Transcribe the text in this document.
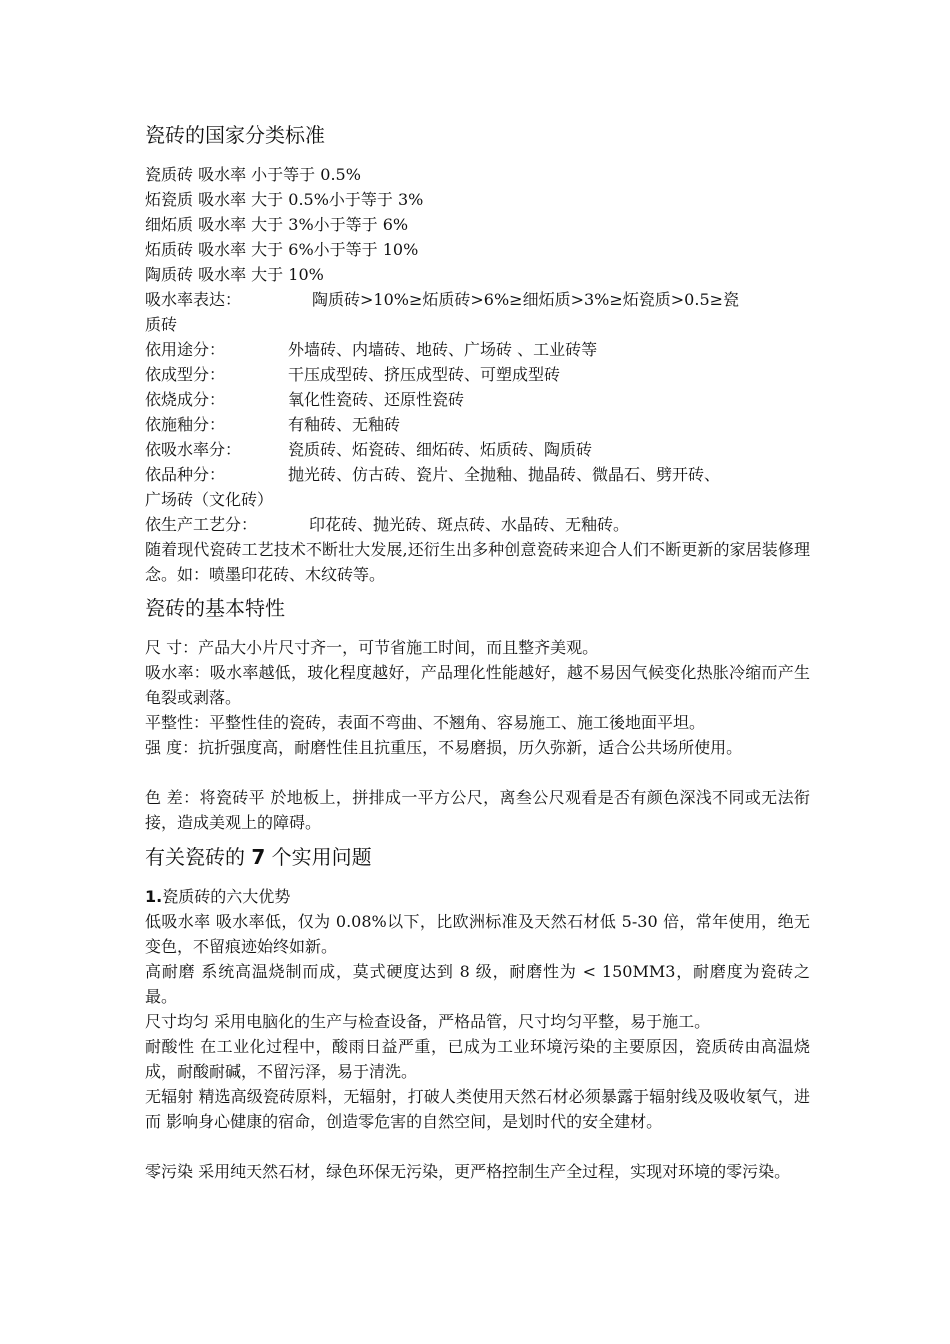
瓷砖的国家分类标准
瓷质砖 吸水率 小于等于 0.5%
炻瓷质 吸水率 大于 0.5%小于等于 3%
细炻质 吸水率 大于 3%小于等于 6%
炻质砖 吸水率 大于 6%小于等于 10%
陶质砖 吸水率 大于 10%
吸水率表达：	陶质砖>10%≥炻质砖>6%≥细炻质>3%≥炻瓷质>0.5≥瓷
质砖
依用途分：	外墙砖、内墙砖、地砖、广场砖 、工业砖等
依成型分：	干压成型砖、挤压成型砖、可塑成型砖
依烧成分：	氧化性瓷砖、还原性瓷砖
依施釉分：	有釉砖、无釉砖
依吸水率分：	瓷质砖、炻瓷砖、细炻砖、炻质砖、陶质砖
依品种分：	抛光砖、仿古砖、瓷片、全抛釉、抛晶砖、微晶石、劈开砖、
广场砖（文化砖）
依生产工艺分：	印花砖、抛光砖、斑点砖、水晶砖、无釉砖。
随着现代瓷砖工艺技术不断壮大发展,还衍生出多种创意瓷砖来迎合人们不断更新的家居装修理念。如：喷墨印花砖、木纹砖等。
瓷砖的基本特性
尺 寸：产品大小片尺寸齐一，可节省施工时间，而且整齐美观。
吸水率：吸水率越低，玻化程度越好，产品理化性能越好，越不易因气候变化热胀冷缩而产生龟裂或剥落。
平整性：平整性佳的瓷砖，表面不弯曲、不翘角、容易施工、施工後地面平坦。
强 度：抗折强度高，耐磨性佳且抗重压，不易磨损，历久弥新，适合公共场所使用。
色 差：将瓷砖平 於地板上，拼排成一平方公尺，离叁公尺观看是否有颜色深浅不同或无法衔接，造成美观上的障碍。
有关瓷砖的 7 个实用问题
1.瓷质砖的六大优势
低吸水率 吸水率低，仅为 0.08%以下，比欧洲标准及天然石材低 5-30 倍，常年使用，绝无变色，不留痕迹始终如新。
高耐磨 系统高温烧制而成，莫式硬度达到 8 级，耐磨性为 < 150MM3，耐磨度为瓷砖之最。
尺寸均匀 采用电脑化的生产与检查设备，严格品管，尺寸均匀平整，易于施工。
耐酸性 在工业化过程中，酸雨日益严重，已成为工业环境污染的主要原因，瓷质砖由高温烧成，耐酸耐碱，不留污泽，易于清洗。
无辐射 精选高级瓷砖原料，无辐射，打破人类使用天然石材必须暴露于辐射线及吸收氡气，进而 影响身心健康的宿命，创造零危害的自然空间，是划时代的安全建材。
零污染 采用纯天然石材，绿色环保无污染，更严格控制生产全过程，实现对环境的零污染。
